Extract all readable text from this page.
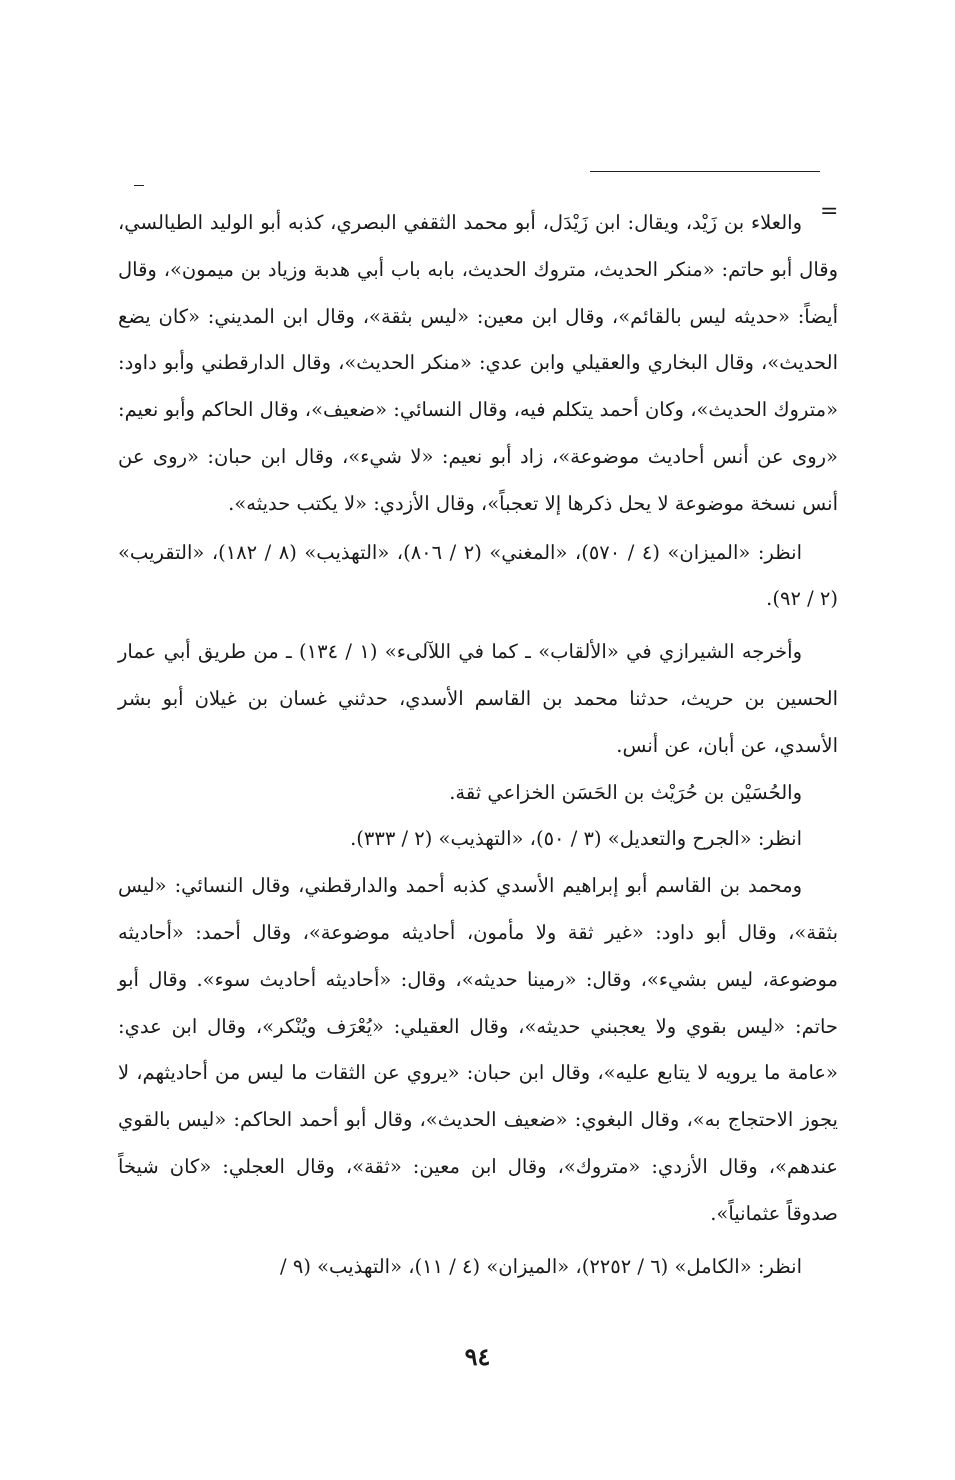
=

والعلاء بن زَيْد، ويقال: ابن زَيْدَل، أبو محمد الثقفي البصري، كذبه أبو الوليد الطيالسي، وقال أبو حاتم: «منكر الحديث، متروك الحديث، بابه باب أبي هدبة وزياد بن ميمون»، وقال أيضاً: «حديثه ليس بالقائم»، وقال ابن معين: «ليس بثقة»، وقال ابن المديني: «كان يضع الحديث»، وقال البخاري والعقيلي وابن عدي: «منكر الحديث»، وقال الدارقطني وأبو داود: «متروك الحديث»، وكان أحمد يتكلم فيه، وقال النسائي: «ضعيف»، وقال الحاكم وأبو نعيم: «روى عن أنس أحاديث موضوعة»، زاد أبو نعيم: «لا شيء»، وقال ابن حبان: «روى عن أنس نسخة موضوعة لا يحل ذكرها إلا تعجباً»، وقال الأزدي: «لا يكتب حديثه».

انظر: «الميزان» (٤ / ٥٧٠)، «المغني» (٢ / ٨٠٦)، «التهذيب» (٨ / ١٨٢)، «التقريب» (٢ / ٩٢).

وأخرجه الشيرازي في «الألقاب» ـ كما في اللآلىء» (١ / ١٣٤) ـ من طريق أبي عمار الحسين بن حريث، حدثنا محمد بن القاسم الأسدي، حدثني غسان بن غيلان أبو بشر الأسدي، عن أبان، عن أنس.

والحُسَيْن بن حُرَيْث بن الحَسَن الخزاعي ثقة.

انظر: «الجرح والتعديل» (٣ / ٥٠)، «التهذيب» (٢ / ٣٣٣).

ومحمد بن القاسم أبو إبراهيم الأسدي كذبه أحمد والدارقطني، وقال النسائي: «ليس بثقة»، وقال أبو داود: «غير ثقة ولا مأمون، أحاديثه موضوعة»، وقال أحمد: «أحاديثه موضوعة، ليس بشيء»، وقال: «رمينا حديثه»، وقال: «أحاديثه أحاديث سوء». وقال أبو حاتم: «ليس بقوي ولا يعجبني حديثه»، وقال العقيلي: «يُعْرَف ويُنْكر»، وقال ابن عدي: «عامة ما يرويه لا يتابع عليه»، وقال ابن حبان: «يروي عن الثقات ما ليس من أحاديثهم، لا يجوز الاحتجاج به»، وقال البغوي: «ضعيف الحديث»، وقال أبو أحمد الحاكم: «ليس بالقوي عندهم»، وقال الأزدي: «متروك»، وقال ابن معين: «ثقة»، وقال العجلي: «كان شيخاً صدوقاً عثمانياً».

انظر: «الكامل» (٦ / ٢٢٥٢)، «الميزان» (٤ / ١١)، «التهذيب» (٩ /

٩٤
